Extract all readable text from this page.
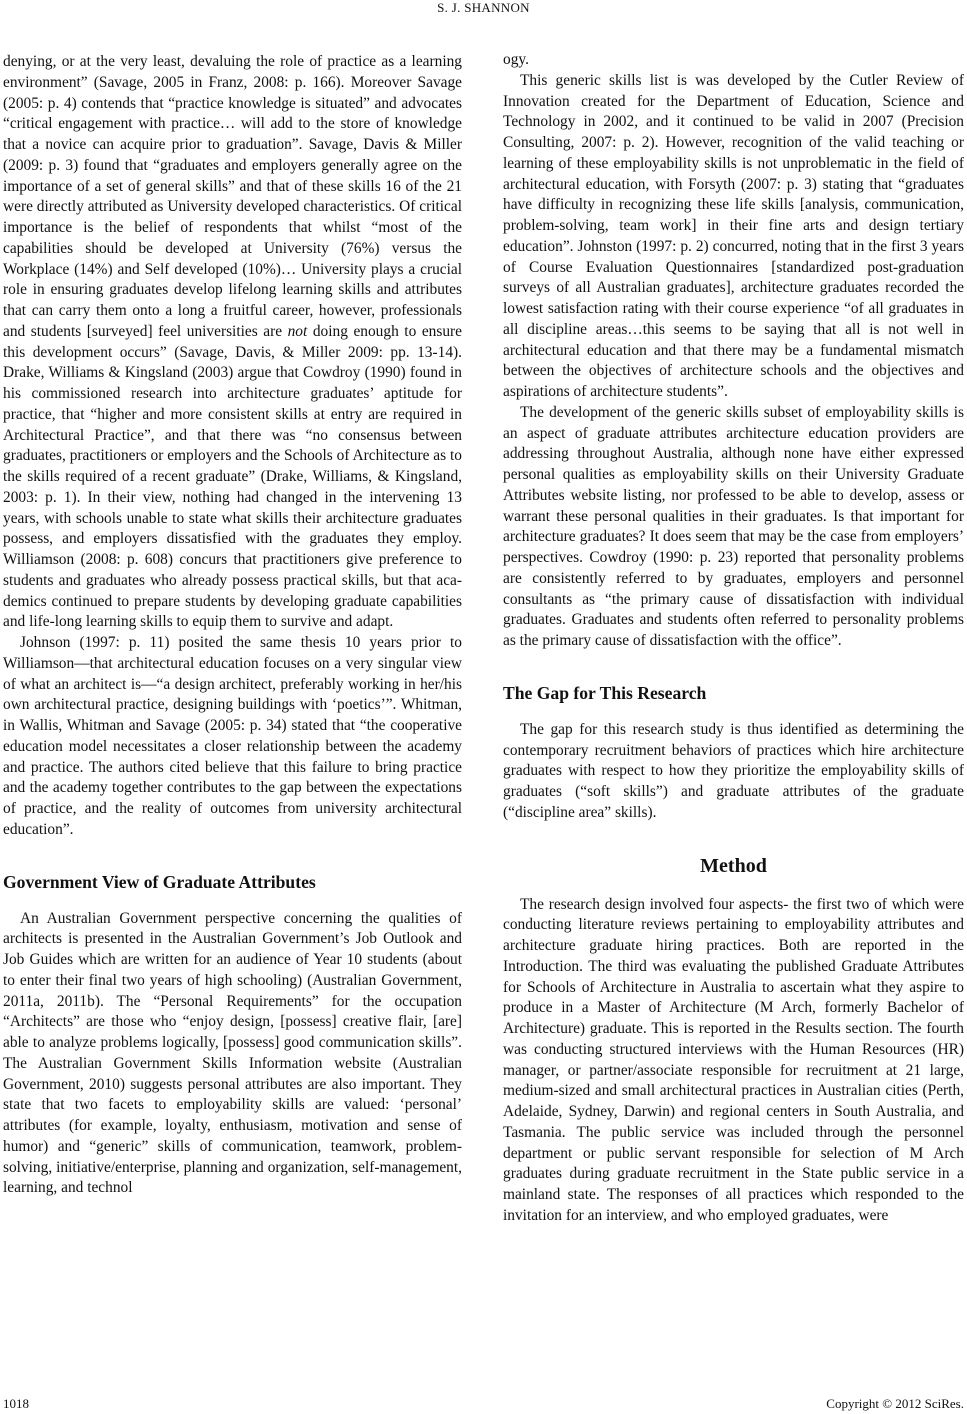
S. J. SHANNON

denying, or at the very least, devaluing the role of practice as a learning environment” (Savage, 2005 in Franz, 2008: p. 166). Moreover Savage (2005: p. 4) contends that “practice knowledge is situated” and advocates “critical engagement with practice… will add to the store of knowledge that a novice can acquire prior to graduation”. Savage, Davis & Miller (2009: p. 3) found that “graduates and employers generally agree on the importance of a set of general skills” and that of these skills 16 of the 21 were directly attributed as University developed characteristics. Of critical importance is the belief of respondents that whilst “most of the capabilities should be developed at University (76%) versus the Workplace (14%) and Self developed (10%)… University plays a crucial role in ensuring graduates develop lifelong learning skills and attributes that can carry them onto a long a fruitful career, however, professionals and students [surveyed] feel universities are not doing enough to ensure this development occurs” (Savage, Davis, & Miller 2009: pp. 13-14). Drake, Williams & Kingsland (2003) argue that Cowdroy (1990) found in his commissioned research into architecture graduates’ aptitude for practice, that “higher and more consistent skills at entry are required in Architectural Practice”, and that there was “no consensus between graduates, practitioners or employers and the Schools of Architecture as to the skills required of a recent graduate” (Drake, Williams, & Kingsland, 2003: p. 1). In their view, nothing had changed in the intervening 13 years, with schools unable to state what skills their architecture graduates possess, and employers dissatisfied with the graduates they employ. Williamson (2008: p. 608) concurs that practitioners give preference to students and graduates who already possess practical skills, but that academics continued to prepare students by developing graduate capabilities and life-long learning skills to equip them to survive and adapt.

Johnson (1997: p. 11) posited the same thesis 10 years prior to Williamson—that architectural education focuses on a very singular view of what an architect is—“a design architect, preferably working in her/his own architectural practice, designing buildings with ‘poetics’”. Whitman, in Wallis, Whitman and Savage (2005: p. 34) stated that “the cooperative education model necessitates a closer relationship between the academy and practice. The authors cited believe that this failure to bring practice and the academy together contributes to the gap between the expectations of practice, and the reality of outcomes from university architectural education”.

Government View of Graduate Attributes

An Australian Government perspective concerning the qualities of architects is presented in the Australian Government’s Job Outlook and Job Guides which are written for an audience of Year 10 students (about to enter their final two years of high schooling) (Australian Government, 2011a, 2011b). The “Personal Requirements” for the occupation “Architects” are those who “enjoy design, [possess] creative flair, [are] able to analyze problems logically, [possess] good communication skills”. The Australian Government Skills Information website (Australian Government, 2010) suggests personal attributes are also important. They state that two facets to employability skills are valued: ‘personal’ attributes (for example, loyalty, enthusiasm, motivation and sense of humor) and “generic” skills of communication, teamwork, problem-solving, initiative/enterprise, planning and organization, self-management, learning, and technol

ogy.

This generic skills list is was developed by the Cutler Review of Innovation created for the Department of Education, Science and Technology in 2002, and it continued to be valid in 2007 (Precision Consulting, 2007: p. 2). However, recognition of the valid teaching or learning of these employability skills is not unproblematic in the field of architectural education, with Forsyth (2007: p. 3) stating that “graduates have difficulty in recognizing these life skills [analysis, communication, problem-solving, team work] in their fine arts and design tertiary education”. Johnston (1997: p. 2) concurred, noting that in the first 3 years of Course Evaluation Questionnaires [standardized post-graduation surveys of all Australian graduates], architecture graduates recorded the lowest satisfaction rating with their course experience “of all graduates in all discipline areas…this seems to be saying that all is not well in architectural education and that there may be a fundamental mismatch between the objectives of architecture schools and the objectives and aspirations of architecture students”.

The development of the generic skills subset of employability skills is an aspect of graduate attributes architecture education providers are addressing throughout Australia, although none have either expressed personal qualities as employability skills on their University Graduate Attributes website listing, nor professed to be able to develop, assess or warrant these personal qualities in their graduates. Is that important for architecture graduates? It does seem that may be the case from employers’ perspectives. Cowdroy (1990: p. 23) reported that personality problems are consistently referred to by graduates, employers and personnel consultants as “the primary cause of dissatisfaction with individual graduates. Graduates and students often referred to personality problems as the primary cause of dissatisfaction with the office”.

The Gap for This Research

The gap for this research study is thus identified as determining the contemporary recruitment behaviors of practices which hire architecture graduates with respect to how they prioritize the employability skills of graduates (“soft skills”) and graduate attributes of the graduate (“discipline area” skills).

Method

The research design involved four aspects- the first two of which were conducting literature reviews pertaining to employability attributes and architecture graduate hiring practices. Both are reported in the Introduction. The third was evaluating the published Graduate Attributes for Schools of Architecture in Australia to ascertain what they aspire to produce in a Master of Architecture (M Arch, formerly Bachelor of Architecture) graduate. This is reported in the Results section. The fourth was conducting structured interviews with the Human Resources (HR) manager, or partner/associate responsible for recruitment at 21 large, medium-sized and small architectural practices in Australian cities (Perth, Adelaide, Sydney, Darwin) and regional centers in South Australia, and Tasmania. The public service was included through the personnel department or public servant responsible for selection of M Arch graduates during graduate recruitment in the State public service in a mainland state. The responses of all practices which responded to the invitation for an interview, and who employed graduates, were

1018	Copyright © 2012 SciRes.
